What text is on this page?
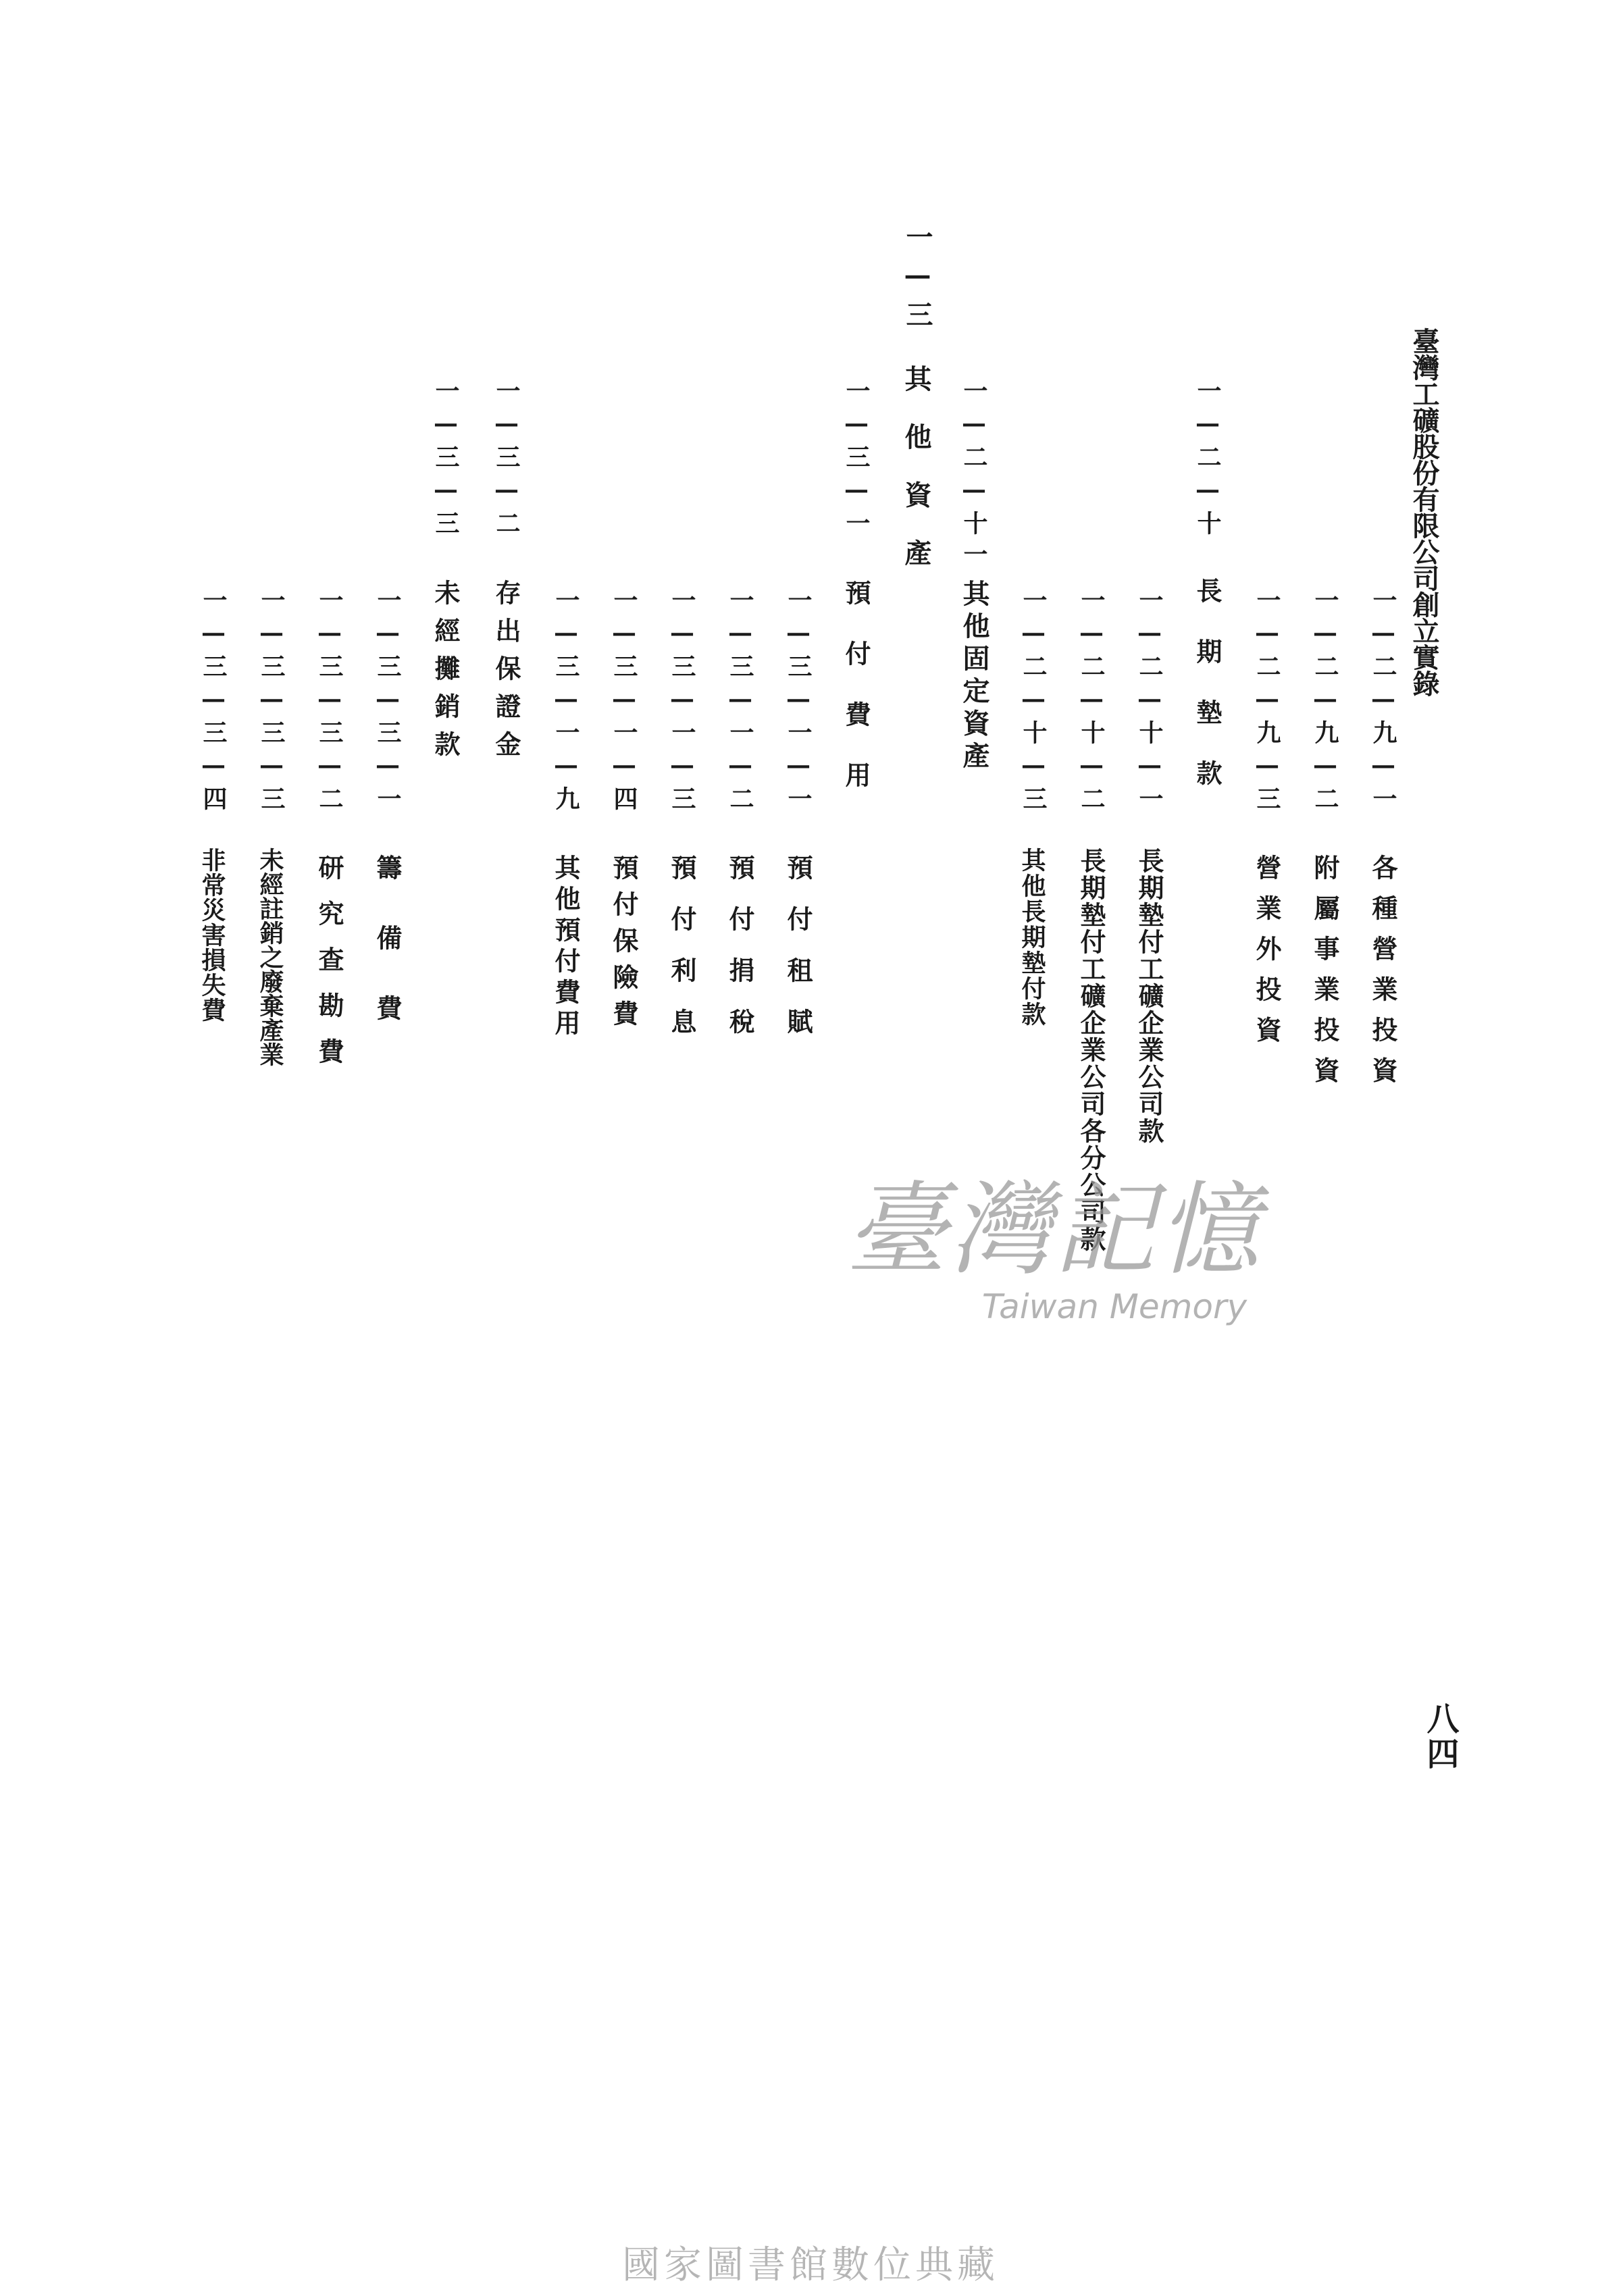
臺灣工礦股份有限公司創立實錄
八四
一—二—九—一
各種營業投資
一—二—九—二
附屬事業投資
一—二—九—三
營業外投資
一—二—十
長期墊款
一—二—十—一
長期墊付工礦企業公司款
一—二—十—二
長期墊付工礦企業公司各分公司款
一—二—十—三
其他長期墊付款
一—二—十一
其他固定資產
一—三
其他資產
一—三—一
預付費用
一—三—一—一
預付租賦
一—三—一—二
預付捐稅
一—三—一—三
預付利息
一—三—一—四
預付保險費
一—三—一—九
其他預付費用
一—三—二
存出保證金
一—三—三
未經攤銷款
一—三—三—一
籌備費
一—三—三—二
研究查勘費
一—三—三—三
未經註銷之廢棄產業
一—三—三—四
非常災害損失費
臺灣記憶
Taiwan Memory
國家圖書館數位典藏
